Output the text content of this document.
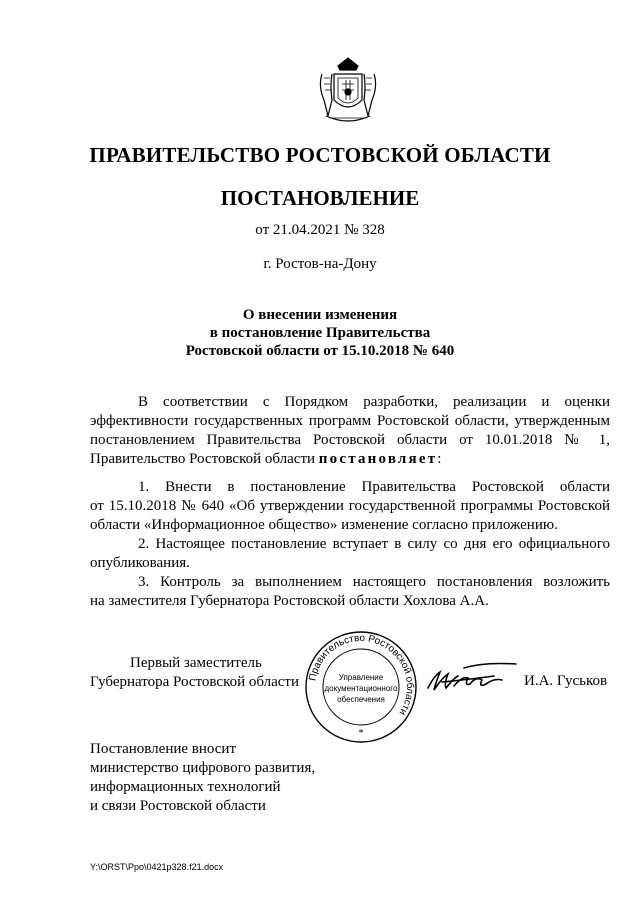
ПРАВИТЕЛЬСТВО РОСТОВСКОЙ ОБЛАСТИ
ПОСТАНОВЛЕНИЕ
от 21.04.2021 № 328
г. Ростов-на-Дону
О внесении изменения
в постановление Правительства
Ростовской области от 15.10.2018 № 640

В соответствии с Порядком разработки, реализации и оценки
эффективности государственных программ Ростовской области, утвержденным
постановлением Правительства Ростовской области от 10.01.2018 № 1,
Правительство Ростовской области постановляет:

1. Внести в постановление Правительства Ростовской области
от 15.10.2018 № 640 «Об утверждении государственной программы Ростовской
области «Информационное общество» изменение согласно приложению.

2. Настоящее постановление вступает в силу со дня его официального
опубликования.

3. Контроль за выполнением настоящего постановления возложить
на заместителя Губернатора Ростовской области Хохлова А.А.

Первый заместитель
Губернатора Ростовской области Правительство Ростовской области
Управление
документационного
обеспечения
*
И.А. Гуськов
Постановление вносит
министерство цифрового развития,
информационных технологий
и связи Ростовской области
Y:\ORST\Ppo\0421p328.f21.docx
